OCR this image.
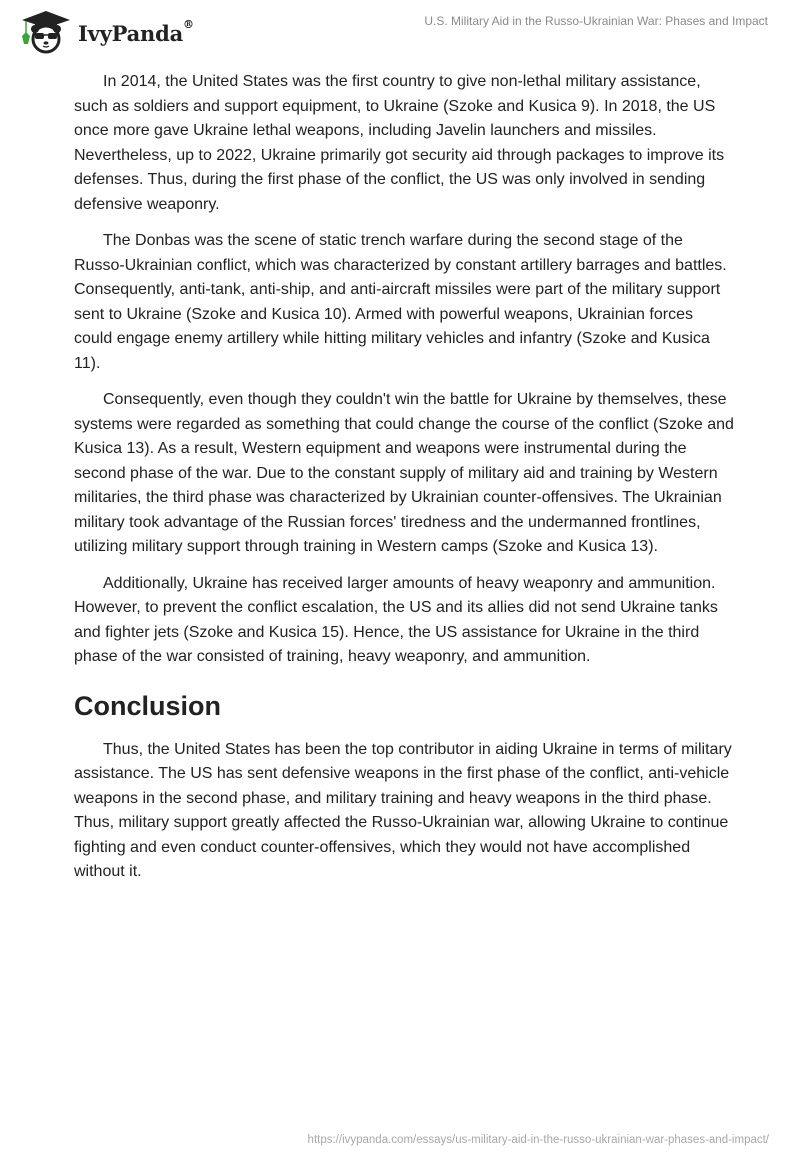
IvyPanda®	U.S. Military Aid in the Russo-Ukrainian War: Phases and Impact

In 2014, the United States was the first country to give non-lethal military assistance, such as soldiers and support equipment, to Ukraine (Szoke and Kusica 9). In 2018, the US once more gave Ukraine lethal weapons, including Javelin launchers and missiles. Nevertheless, up to 2022, Ukraine primarily got security aid through packages to improve its defenses. Thus, during the first phase of the conflict, the US was only involved in sending defensive weaponry.

The Donbas was the scene of static trench warfare during the second stage of the Russo-Ukrainian conflict, which was characterized by constant artillery barrages and battles. Consequently, anti-tank, anti-ship, and anti-aircraft missiles were part of the military support sent to Ukraine (Szoke and Kusica 10). Armed with powerful weapons, Ukrainian forces could engage enemy artillery while hitting military vehicles and infantry (Szoke and Kusica 11).

Consequently, even though they couldn't win the battle for Ukraine by themselves, these systems were regarded as something that could change the course of the conflict (Szoke and Kusica 13). As a result, Western equipment and weapons were instrumental during the second phase of the war. Due to the constant supply of military aid and training by Western militaries, the third phase was characterized by Ukrainian counter-offensives. The Ukrainian military took advantage of the Russian forces' tiredness and the undermanned frontlines, utilizing military support through training in Western camps (Szoke and Kusica 13).

Additionally, Ukraine has received larger amounts of heavy weaponry and ammunition. However, to prevent the conflict escalation, the US and its allies did not send Ukraine tanks and fighter jets (Szoke and Kusica 15). Hence, the US assistance for Ukraine in the third phase of the war consisted of training, heavy weaponry, and ammunition.

Conclusion

Thus, the United States has been the top contributor in aiding Ukraine in terms of military assistance. The US has sent defensive weapons in the first phase of the conflict, anti-vehicle weapons in the second phase, and military training and heavy weapons in the third phase. Thus, military support greatly affected the Russo-Ukrainian war, allowing Ukraine to continue fighting and even conduct counter-offensives, which they would not have accomplished without it.

https://ivypanda.com/essays/us-military-aid-in-the-russo-ukrainian-war-phases-and-impact/
